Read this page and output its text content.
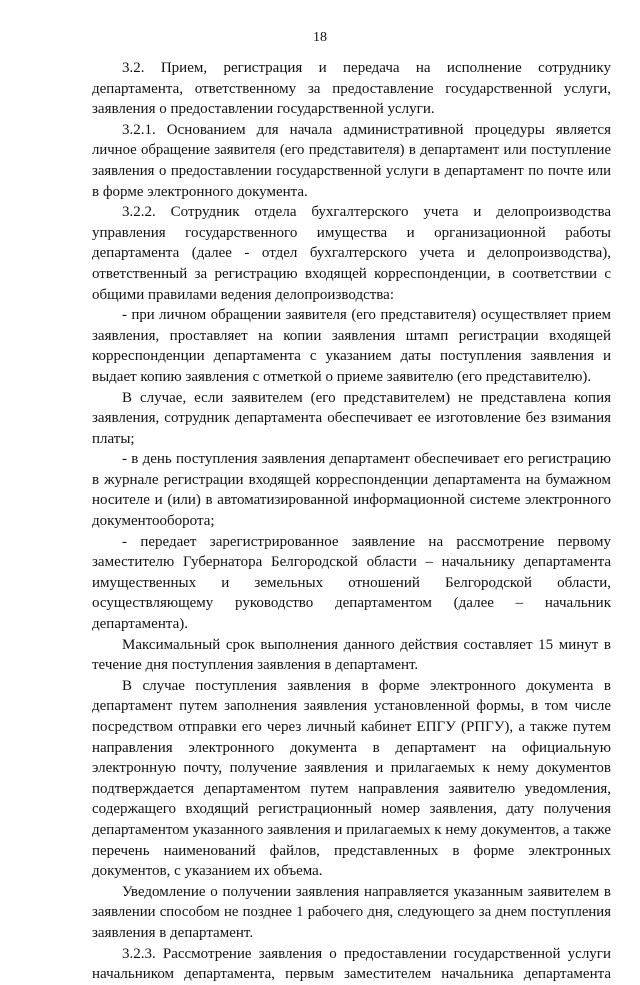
18
3.2. Прием, регистрация и передача на исполнение сотруднику
департамента, ответственному за предоставление государственной услуги,
заявления о предоставлении государственной услуги.
3.2.1. Основанием для начала административной процедуры является
личное обращение заявителя (его представителя) в департамент или поступление
заявления о предоставлении государственной услуги в департамент по почте или
в форме электронного документа.
3.2.2. Сотрудник отдела бухгалтерского учета и делопроизводства
управления государственного имущества и организационной работы
департамента (далее - отдел бухгалтерского учета и делопроизводства),
ответственный за регистрацию входящей корреспонденции, в соответствии с
общими правилами ведения делопроизводства:
- при личном обращении заявителя (его представителя) осуществляет прием
заявления, проставляет на копии заявления штамп регистрации входящей
корреспонденции департамента с указанием даты поступления заявления и
выдает копию заявления с отметкой о приеме заявителю (его представителю).
В случае, если заявителем (его представителем) не представлена копия
заявления, сотрудник департамента обеспечивает ее изготовление без взимания
платы;
- в день поступления заявления департамент обеспечивает его регистрацию
в журнале регистрации входящей корреспонденции департамента на бумажном
носителе и (или) в автоматизированной информационной системе электронного
документооборота;
- передает зарегистрированное заявление на рассмотрение первому
заместителю Губернатора Белгородской области – начальнику департамента
имущественных и земельных отношений Белгородской области,
осуществляющему руководство департаментом (далее – начальник
департамента).
Максимальный срок выполнения данного действия составляет 15 минут в
течение дня поступления заявления в департамент.
В случае поступления заявления в форме электронного документа в
департамент путем заполнения заявления установленной формы, в том числе
посредством отправки его через личный кабинет ЕПГУ (РПГУ), а также путем
направления электронного документа в департамент на официальную
электронную почту, получение заявления и прилагаемых к нему документов
подтверждается департаментом путем направления заявителю уведомления,
содержащего входящий регистрационный номер заявления, дату получения
департаментом указанного заявления и прилагаемых к нему документов, а также
перечень наименований файлов, представленных в форме электронных
документов, с указанием их объема.
Уведомление о получении заявления направляется указанным заявителем в
заявлении способом не позднее 1 рабочего дня, следующего за днем поступления
заявления в департамент.
3.2.3. Рассмотрение заявления о предоставлении государственной услуги
начальником департамента, первым заместителем начальника департамента
